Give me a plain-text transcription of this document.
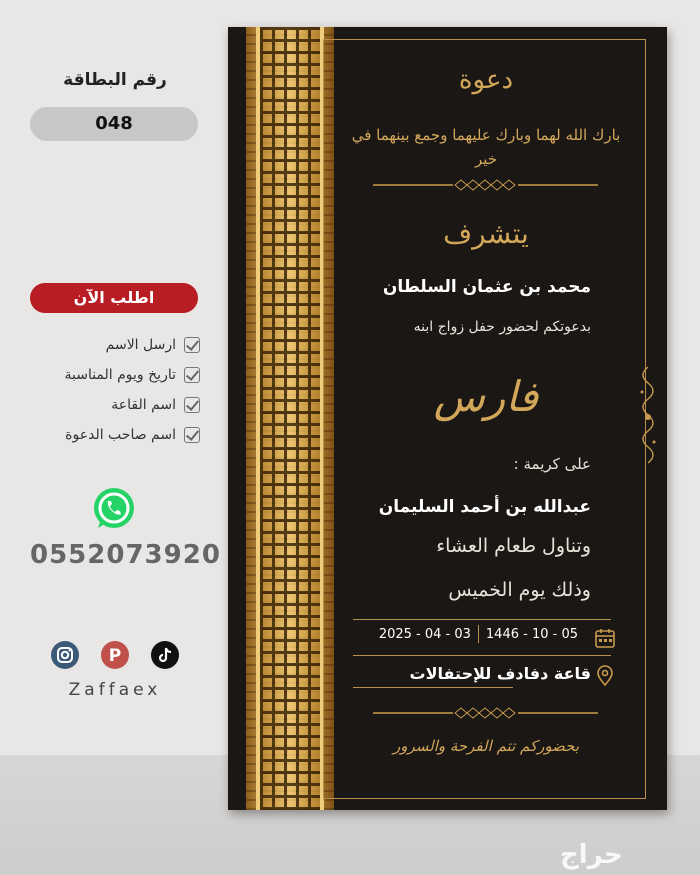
رقم البطاقة
048
اطلب الآن
ارسل الاسم
تاريخ ويوم المناسبة
اسم القاعة
اسم صاحب الدعوة
0552073920
P
Zaffaex
دعوة
بارك الله لهما وبارك عليهما وجمع بينهما في خير
يتشرف
محمد بن عثمان السلطان
بدعوتكم لحضور حفل زواج ابنه
فارس
على كريمة :
عبدالله بن أحمد السليمان
وتناول طعام العشاء
وذلك يوم الخميس
2025 - 04 - 03 1446 - 10 - 05
قاعة دفادف للإحتفالات
بحضوركم تتم الفرحة والسرور
حراج
